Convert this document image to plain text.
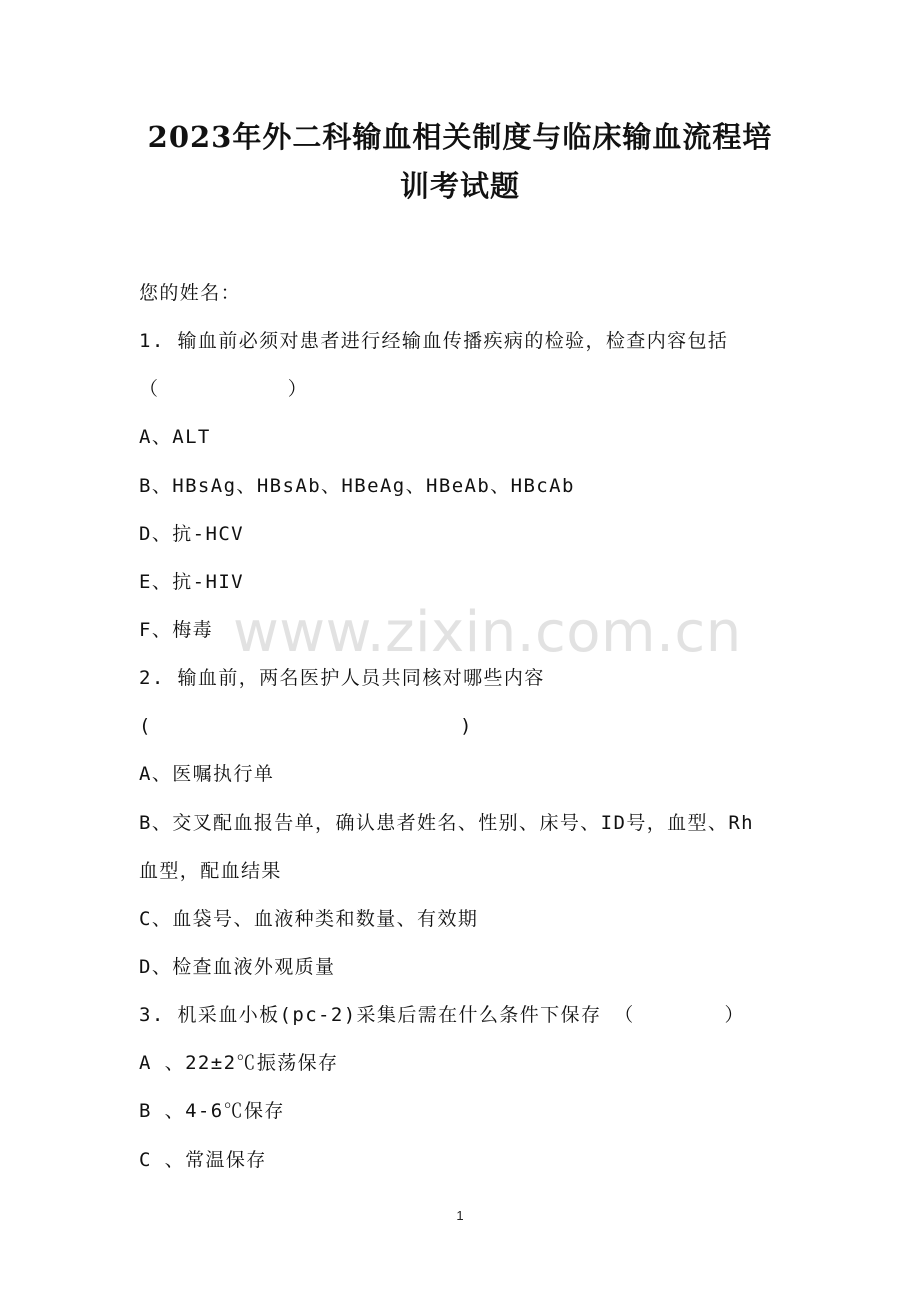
2023年外二科输血相关制度与临床输血流程培
训考试题
您的姓名：
1. 输血前必须对患者进行经输血传播疾病的检验，检查内容包括
（          ）
A、ALT
B、HBsAg、HBsAb、HBeAg、HBeAb、HBcAb
D、抗-HCV
E、抗-HIV
F、梅毒
2. 输血前，两名医护人员共同核对哪些内容
(                        )
A、医嘱执行单
B、交叉配血报告单，确认患者姓名、性别、床号、ID号，血型、Rh
血型，配血结果
C、血袋号、血液种类和数量、有效期
D、检查血液外观质量
3. 机采血小板(pc-2)采集后需在什么条件下保存 （       ）
A 、22±2℃振荡保存
B 、4-6℃保存
C 、常温保存
www.zixin.com.cn
1
